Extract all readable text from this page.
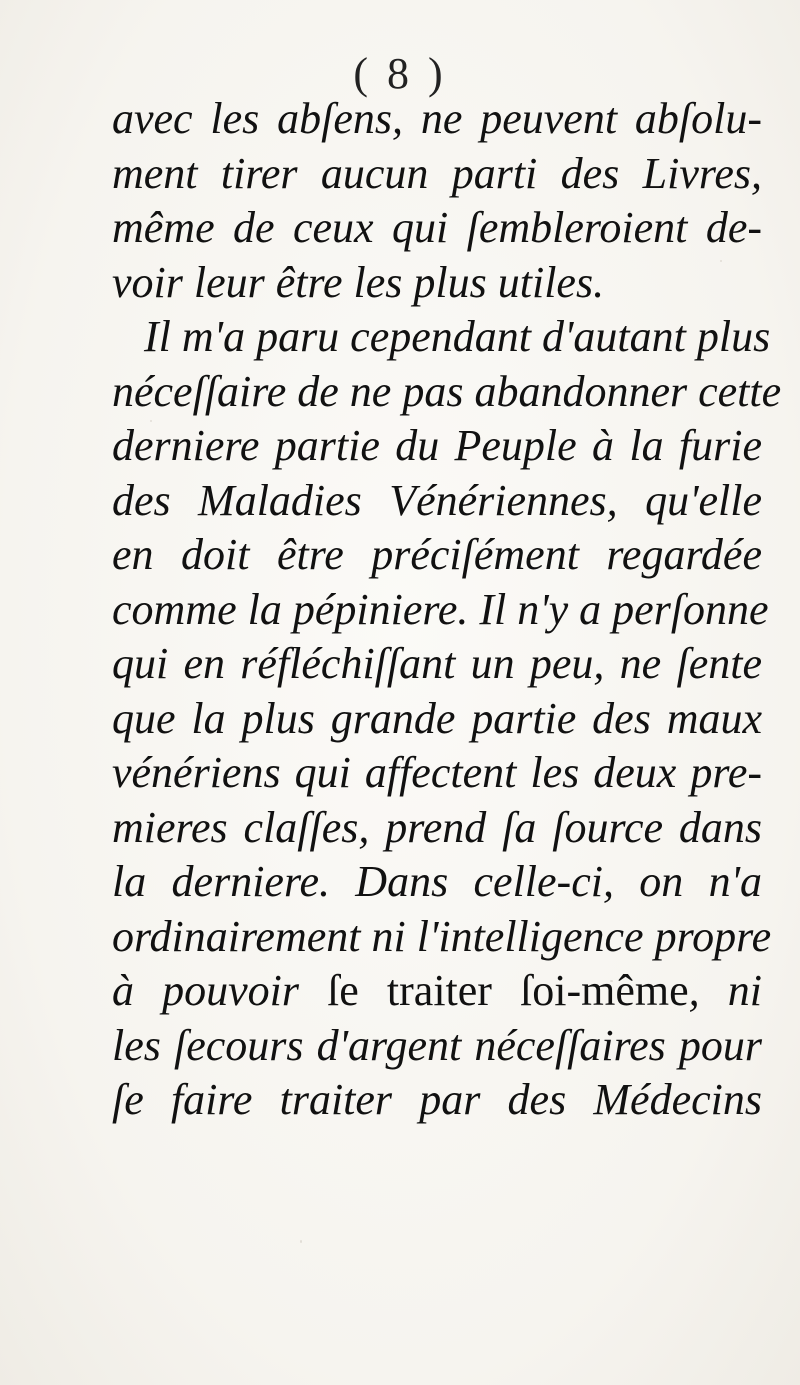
( 8 )
avec les abſens, ne peuvent abſolu-
ment tirer aucun parti des Livres,
même de ceux qui ſembleroient de-
voir leur être les plus utiles.
Il m'a paru cependant d'autant plus
néceſſaire de ne pas abandonner cette
derniere partie du Peuple à la furie
des Maladies Vénériennes, qu'elle
en doit être préciſément regardée
comme la pépiniere. Il n'y a perſonne
qui en réfléchiſſant un peu, ne ſente
que la plus grande partie des maux
vénériens qui affectent les deux pre-
mieres claſſes, prend ſa ſource dans
la derniere. Dans celle-ci, on n'a
ordinairement ni l'intelligence propre
à pouvoir ſe traiter ſoi-même, ni
les ſecours d'argent néceſſaires pour
ſe faire traiter par des Médecins
